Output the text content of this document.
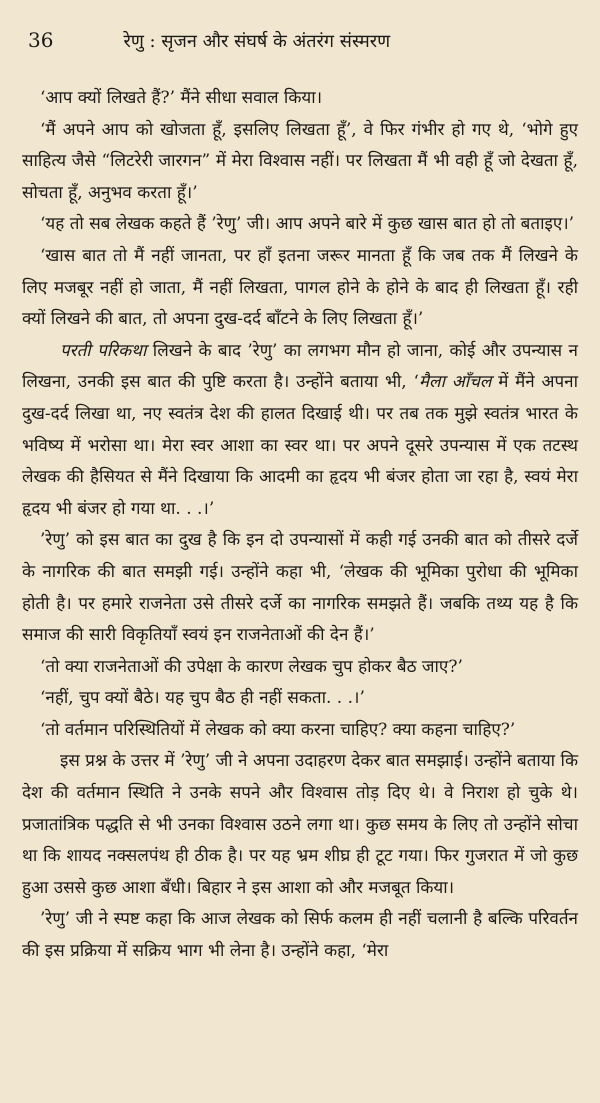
36	रेणु : सृजन और संघर्ष के अंतरंग संस्मरण

‘आप क्यों लिखते हैं?’ मैंने सीधा सवाल किया।

‘मैं अपने आप को खोजता हूँ, इसलिए लिखता हूँ’, वे फिर गंभीर हो गए थे, ‘भोगे हुए साहित्य जैसे “लिटरेरी जारगन” में मेरा विश्वास नहीं। पर लिखता मैं भी वही हूँ जो देखता हूँ, सोचता हूँ, अनुभव करता हूँ।’

‘यह तो सब लेखक कहते हैं ’रेणु’ जी। आप अपने बारे में कुछ खास बात हो तो बताइए।’

‘खास बात तो मैं नहीं जानता, पर हाँ इतना जरूर मानता हूँ कि जब तक मैं लिखने के लिए मजबूर नहीं हो जाता, मैं नहीं लिखता, पागल होने के होने के बाद ही लिखता हूँ। रही क्यों लिखने की बात, तो अपना दुख-दर्द बाँटने के लिए लिखता हूँ।’

परती परिकथा लिखने के बाद ’रेणु’ का लगभग मौन हो जाना, कोई और उपन्यास न लिखना, उनकी इस बात की पुष्टि करता है। उन्होंने बताया भी, ‘मैला आँचल में मैंने अपना दुख-दर्द लिखा था, नए स्वतंत्र देश की हालत दिखाई थी। पर तब तक मुझे स्वतंत्र भारत के भविष्य में भरोसा था। मेरा स्वर आशा का स्वर था। पर अपने दूसरे उपन्यास में एक तटस्थ लेखक की हैसियत से मैंने दिखाया कि आदमी का हृदय भी बंजर होता जा रहा है, स्वयं मेरा हृदय भी बंजर हो गया था. . .।’

’रेणु’ को इस बात का दुख है कि इन दो उपन्यासों में कही गई उनकी बात को तीसरे दर्जे के नागरिक की बात समझी गई। उन्होंने कहा भी, ‘लेखक की भूमिका पुरोधा की भूमिका होती है। पर हमारे राजनेता उसे तीसरे दर्जे का नागरिक समझते हैं। जबकि तथ्य यह है कि समाज की सारी विकृतियाँ स्वयं इन राजनेताओं की देन हैं।’

‘तो क्या राजनेताओं की उपेक्षा के कारण लेखक चुप होकर बैठ जाए?’

‘नहीं, चुप क्यों बैठे। यह चुप बैठ ही नहीं सकता. . .।’

‘तो वर्तमान परिस्थितियों में लेखक को क्या करना चाहिए? क्या कहना चाहिए?’

इस प्रश्न के उत्तर में ’रेणु’ जी ने अपना उदाहरण देकर बात समझाई। उन्होंने बताया कि देश की वर्तमान स्थिति ने उनके सपने और विश्वास तोड़ दिए थे। वे निराश हो चुके थे। प्रजातांत्रिक पद्धति से भी उनका विश्वास उठने लगा था। कुछ समय के लिए तो उन्होंने सोचा था कि शायद नक्सलपंथ ही ठीक है। पर यह भ्रम शीघ्र ही टूट गया। फिर गुजरात में जो कुछ हुआ उससे कुछ आशा बँधी। बिहार ने इस आशा को और मजबूत किया।

’रेणु’ जी ने स्पष्ट कहा कि आज लेखक को सिर्फ कलम ही नहीं चलानी है बल्कि परिवर्तन की इस प्रक्रिया में सक्रिय भाग भी लेना है। उन्होंने कहा, ‘मेरा
